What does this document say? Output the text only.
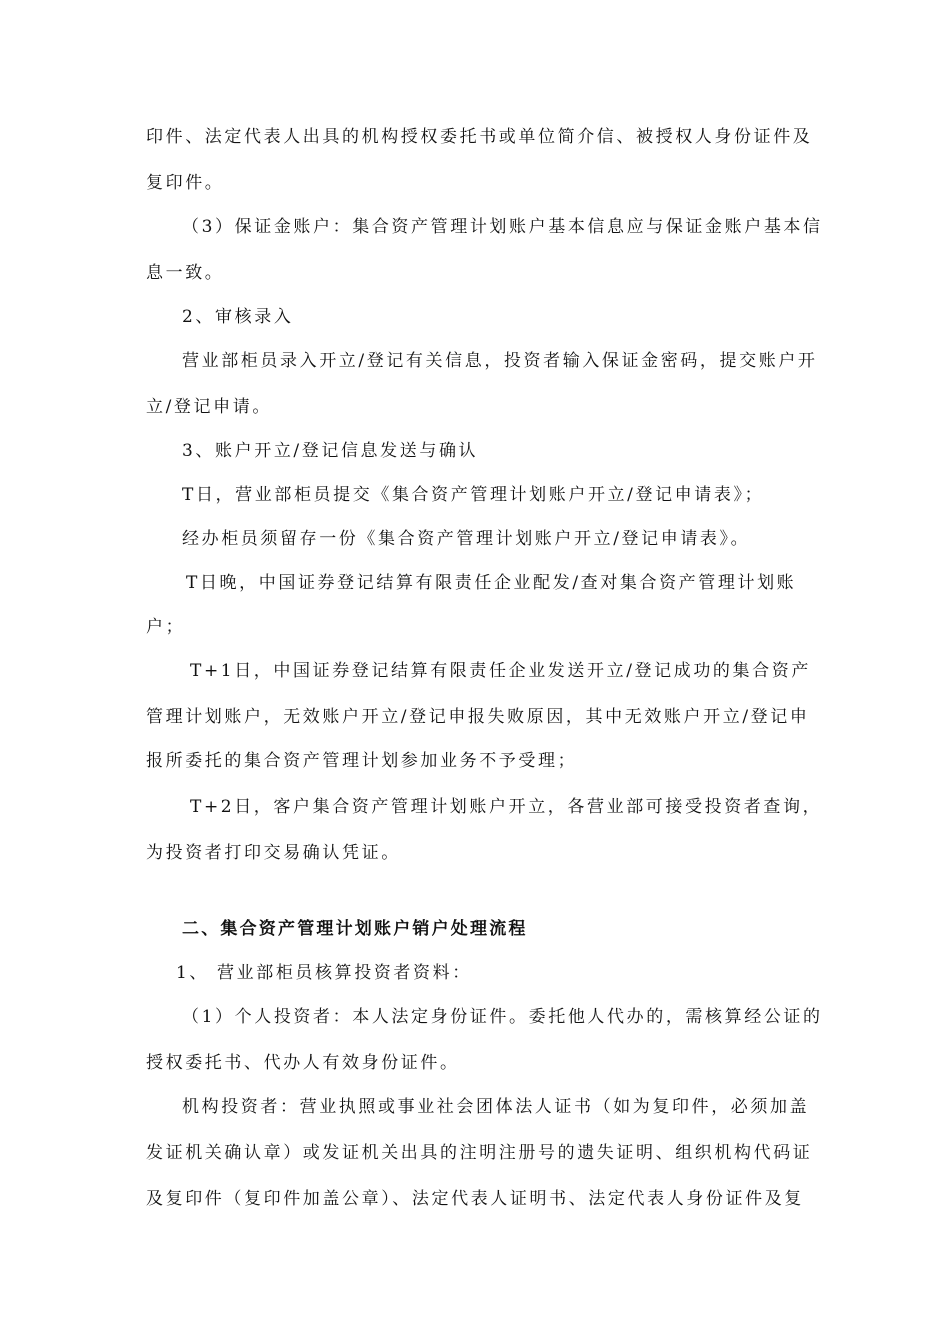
印件、法定代表人出具的机构授权委托书或单位简介信、被授权人身份证件及
复印件。
（3）保证金账户：集合资产管理计划账户基本信息应与保证金账户基本信
息一致。
2、审核录入
营业部柜员录入开立/登记有关信息，投资者输入保证金密码，提交账户开
立/登记申请。
3、账户开立/登记信息发送与确认
T日，营业部柜员提交《集合资产管理计划账户开立/登记申请表》；
经办柜员须留存一份《集合资产管理计划账户开立/登记申请表》。
T日晚，中国证券登记结算有限责任企业配发/查对集合资产管理计划账
户；
T+1日，中国证券登记结算有限责任企业发送开立/登记成功的集合资产
管理计划账户，无效账户开立/登记申报失败原因，其中无效账户开立/登记申
报所委托的集合资产管理计划参加业务不予受理；
T+2日，客户集合资产管理计划账户开立，各营业部可接受投资者查询，
为投资者打印交易确认凭证。
二、集合资产管理计划账户销户处理流程
1、 营业部柜员核算投资者资料：
（1）个人投资者：本人法定身份证件。委托他人代办的，需核算经公证的
授权委托书、代办人有效身份证件。
机构投资者：营业执照或事业社会团体法人证书（如为复印件，必须加盖
发证机关确认章）或发证机关出具的注明注册号的遗失证明、组织机构代码证
及复印件（复印件加盖公章）、法定代表人证明书、法定代表人身份证件及复
